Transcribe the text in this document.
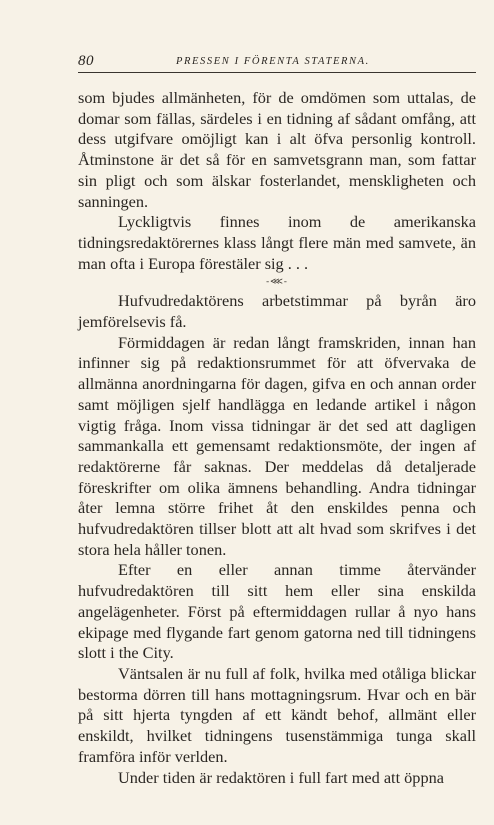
80	PRESSEN I FÖRENTA STATERNA.

som bjudes allmänheten, för de omdömen som uttalas, de domar som fällas, särdeles i en tidning af sådant omfång, att dess utgifvare omöjligt kan i alt öfva personlig kontroll. Åtminstone är det så för en samvetsgrann man, som fattar sin pligt och som älskar fosterlandet, menskligheten och sanningen.

Lyckligtvis finnes inom de amerikanska tidningsredaktörernes klass långt flere män med samvete, än man ofta i Europa förestäler sig . . .

-⋘-

Hufvudredaktörens arbetstimmar på byrån äro jemförelsevis få.

Förmiddagen är redan långt framskriden, innan han infinner sig på redaktionsrummet för att öfvervaka de allmänna anordningarna för dagen, gifva en och annan order samt möjligen sjelf handlägga en ledande artikel i någon vigtig fråga. Inom vissa tidningar är det sed att dagligen sammankalla ett gemensamt redaktionsmöte, der ingen af redaktörerne får saknas. Der meddelas då detaljerade föreskrifter om olika ämnens behandling. Andra tidningar åter lemna större frihet åt den enskildes penna och hufvudredaktören tillser blott att alt hvad som skrifves i det stora hela håller tonen.

Efter en eller annan timme återvänder hufvudredaktören till sitt hem eller sina enskilda angelägenheter. Först på eftermiddagen rullar å nyo hans ekipage med flygande fart genom gatorna ned till tidningens slott i the City.

Väntsalen är nu full af folk, hvilka med otåliga blickar bestorma dörren till hans mottagningsrum. Hvar och en bär på sitt hjerta tyngden af ett kändt behof, allmänt eller enskildt, hvilket tidningens tusenstämmiga tunga skall framföra inför verlden.

Under tiden är redaktören i full fart med att öppna
